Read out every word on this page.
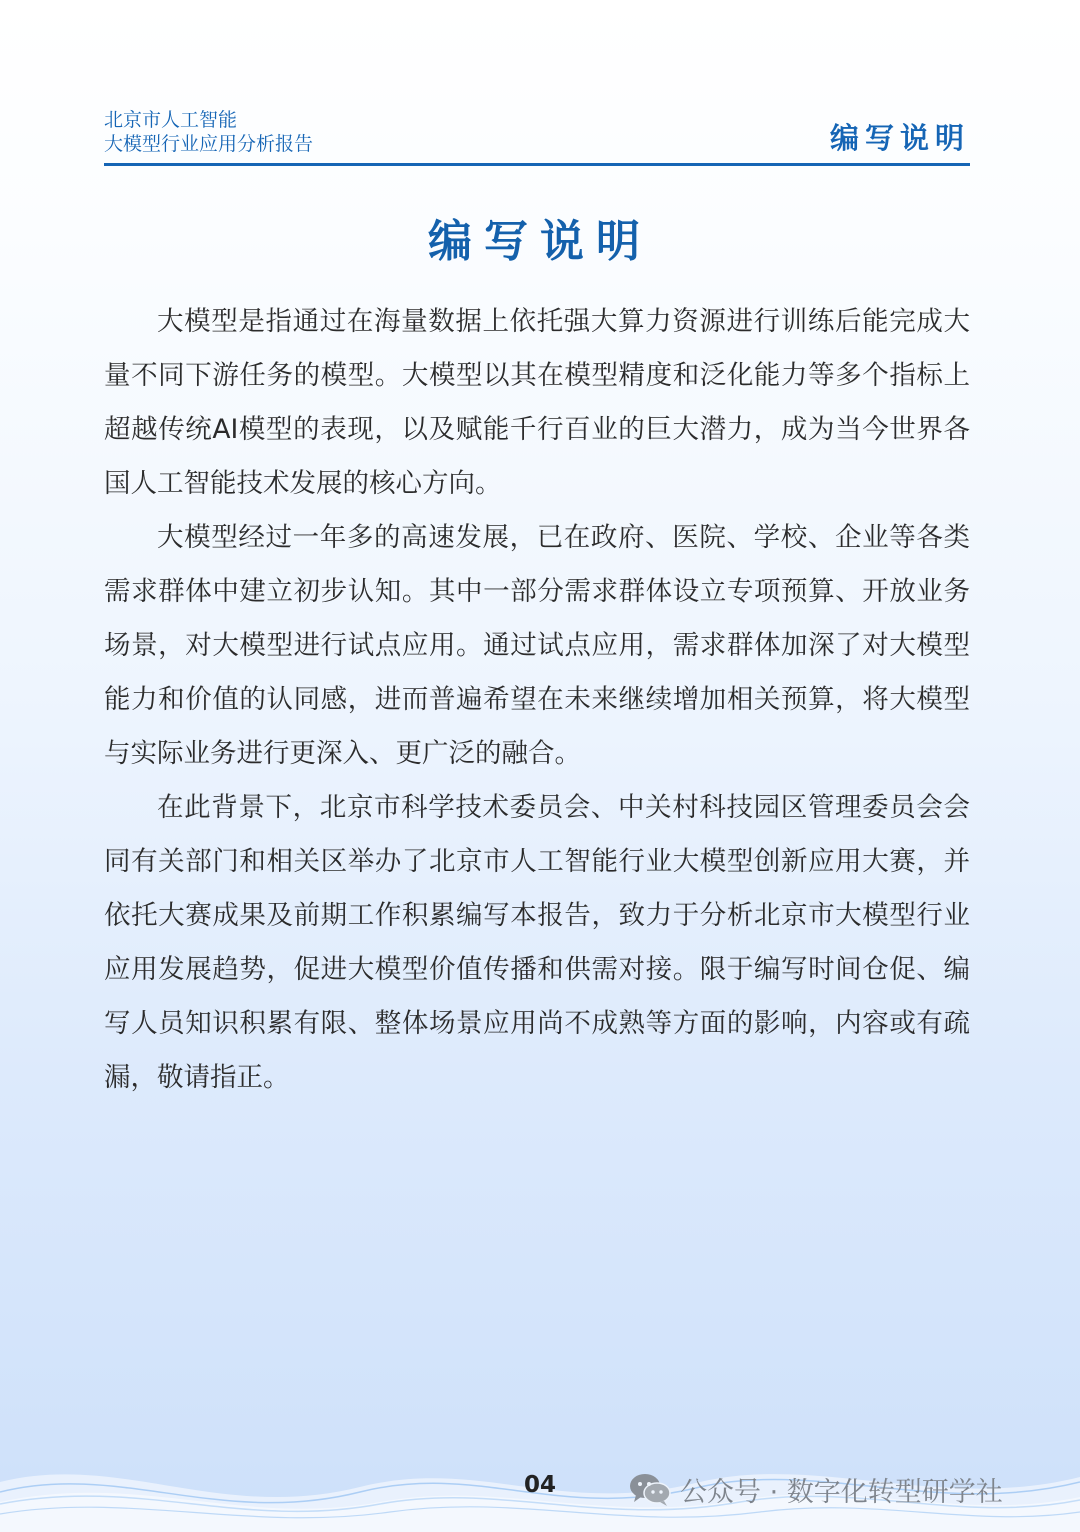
北京市人工智能
大模型行业应用分析报告	编写说明
编写说明

大模型是指通过在海量数据上依托强大算力资源进行训练后能完成大量不同下游任务的模型。大模型以其在模型精度和泛化能力等多个指标上超越传统AI模型的表现，以及赋能千行百业的巨大潜力，成为当今世界各国人工智能技术发展的核心方向。

大模型经过一年多的高速发展，已在政府、医院、学校、企业等各类需求群体中建立初步认知。其中一部分需求群体设立专项预算、开放业务场景，对大模型进行试点应用。通过试点应用，需求群体加深了对大模型能力和价值的认同感，进而普遍希望在未来继续增加相关预算，将大模型与实际业务进行更深入、更广泛的融合。

在此背景下，北京市科学技术委员会、中关村科技园区管理委员会会同有关部门和相关区举办了北京市人工智能行业大模型创新应用大赛，并依托大赛成果及前期工作积累编写本报告，致力于分析北京市大模型行业应用发展趋势，促进大模型价值传播和供需对接。限于编写时间仓促、编写人员知识积累有限、整体场景应用尚不成熟等方面的影响，内容或有疏漏，敬请指正。

04	公众号 · 数字化转型研学社
